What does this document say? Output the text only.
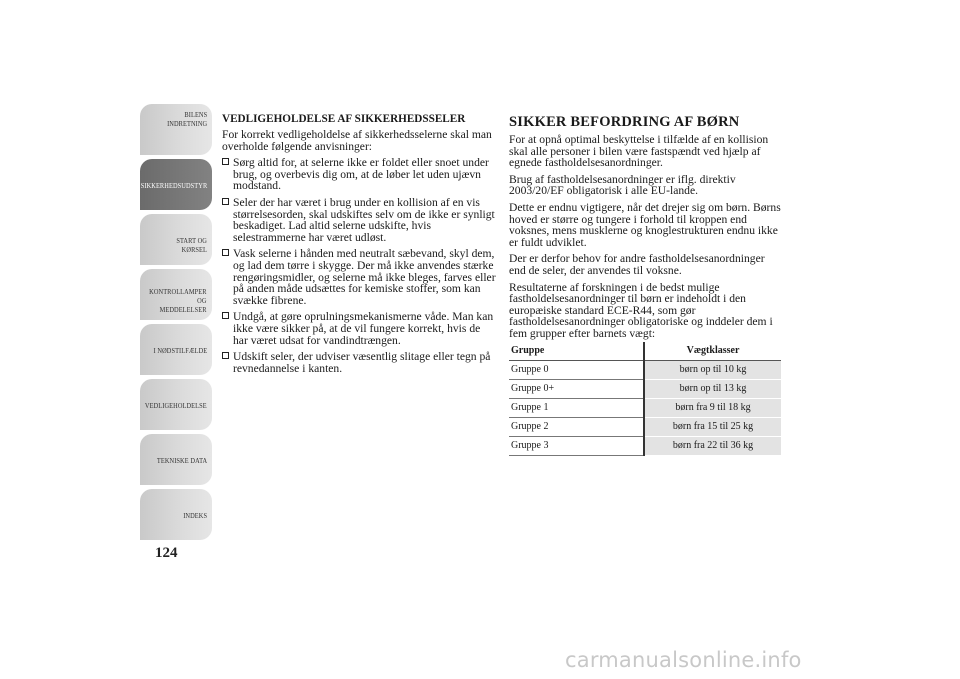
BILENS
INDRETNING
SIKKERHEDSUDSTYR
START OG KØRSEL
KONTROLLAMPER
OG MEDDELELSER
I NØDSTILFÆLDE
VEDLIGEHOLDELSE
TEKNISKE DATA
INDEKS
124
VEDLIGEHOLDELSE AF SIKKERHEDSSELER

For korrekt vedligeholdelse af sikkerhedsselerne skal man overholde følgende anvisninger:

Sørg altid for, at selerne ikke er foldet eller snoet under brug, og overbevis dig om, at de løber let uden ujævn modstand.
Seler der har været i brug under en kollision af en vis størrelsesorden, skal udskiftes selv om de ikke er synligt beskadiget. Lad altid selerne udskifte, hvis selestrammerne har været udløst.
Vask selerne i hånden med neutralt sæbevand, skyl dem, og lad dem tørre i skygge. Der må ikke anvendes stærke rengøringsmidler, og selerne må ikke bleges, farves eller på anden måde udsættes for kemiske stoffer, som kan svække fibrene.
Undgå, at gøre oprulningsmekanismerne våde. Man kan ikke være sikker på, at de vil fungere korrekt, hvis de har været udsat for vandindtrængen.
Udskift seler, der udviser væsentlig slitage eller tegn på revnedannelse i kanten.
SIKKER BEFORDRING AF BØRN

For at opnå optimal beskyttelse i tilfælde af en kollision skal alle personer i bilen være fastspændt ved hjælp af egnede fastholdelsesanordninger.

Brug af fastholdelsesanordninger er iflg. direktiv 2003/20/EF obligatorisk i alle EU-lande.

Dette er endnu vigtigere, når det drejer sig om børn. Børns hoved er større og tungere i forhold til kroppen end voksnes, mens musklerne og knoglestrukturen endnu ikke er fuldt udviklet.

Der er derfor behov for andre fastholdelsesanordninger end de seler, der anvendes til voksne.

Resultaterne af forskningen i de bedst mulige fastholdelsesanordninger til børn er indeholdt i den europæiske standard ECE-R44, som gør fastholdelsesanordninger obligatoriske og inddeler dem i fem grupper efter barnets vægt:

Gruppe	Vægtklasser
Gruppe 0	børn op til 10 kg
Gruppe 0+	børn op til 13 kg
Gruppe 1	børn fra 9 til 18 kg
Gruppe 2	børn fra 15 til 25 kg
Gruppe 3	børn fra 22 til 36 kg
carmanualsonline.info
